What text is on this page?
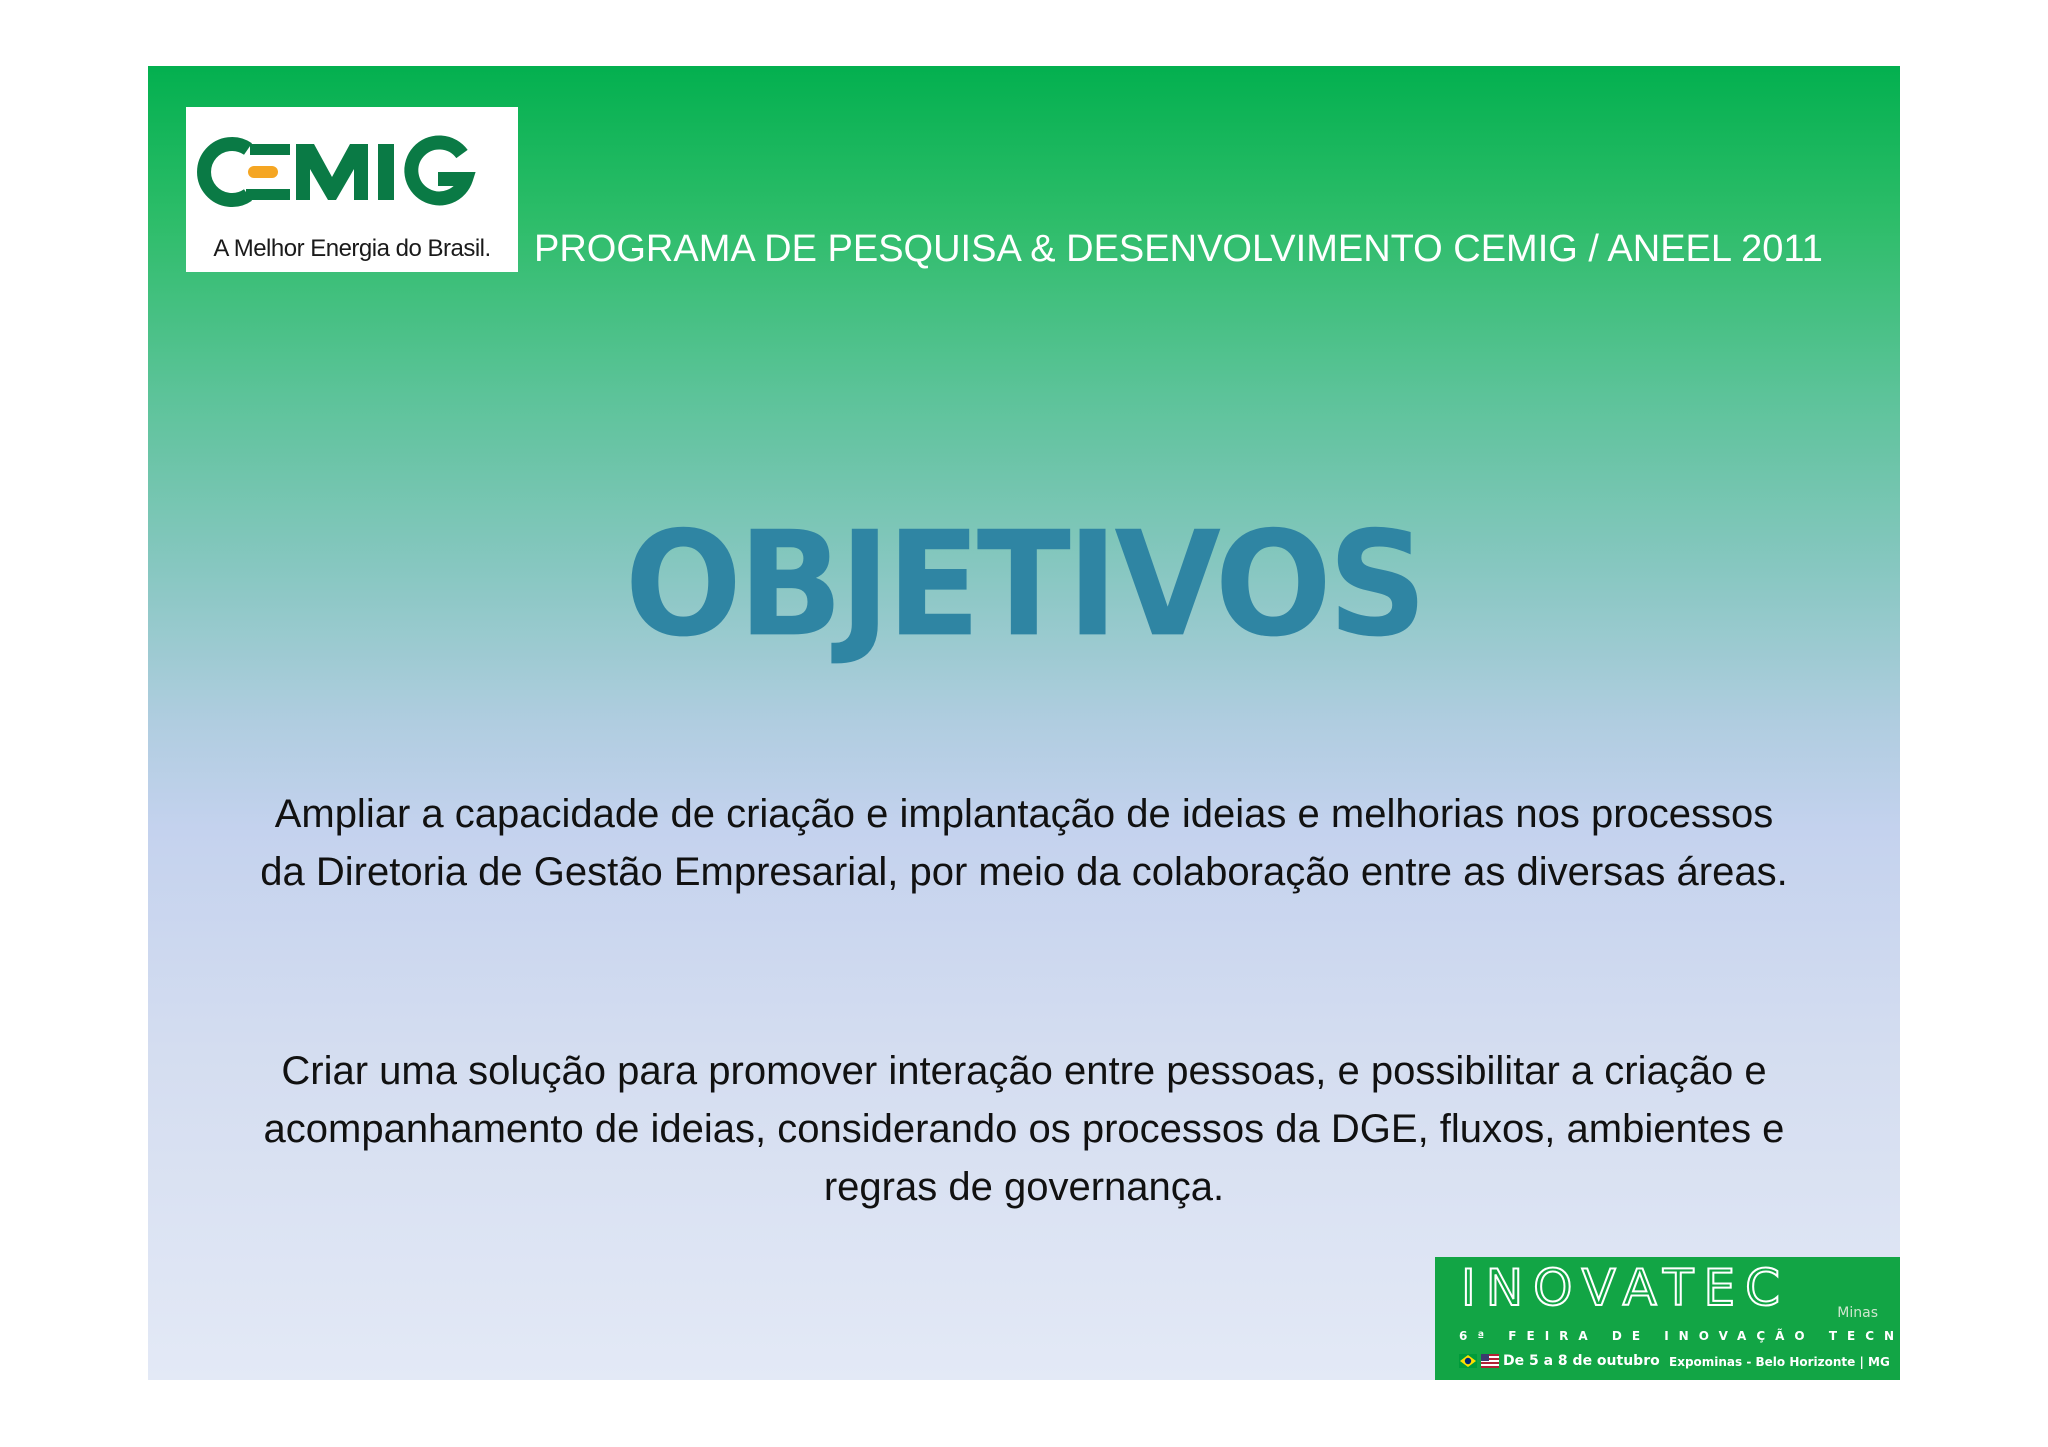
A Melhor Energia do Brasil.	PROGRAMA DE PESQUISA & DESENVOLVIMENTO CEMIG / ANEEL 2011
OBJETIVOS
Ampliar a capacidade de criação e implantação de ideias e melhorias nos processos da Diretoria de Gestão Empresarial, por meio da colaboração entre as diversas áreas.
Criar uma solução para promover interação entre pessoas, e possibilitar a criação e acompanhamento de ideias, considerando os processos da DGE, fluxos, ambientes e regras de governança.
INOVATEC	Minas
6ª FEIRA DE INOVAÇÃO TECNOLÓGICA
De 5 a 8 de outubro Expominas - Belo Horizonte | MG
